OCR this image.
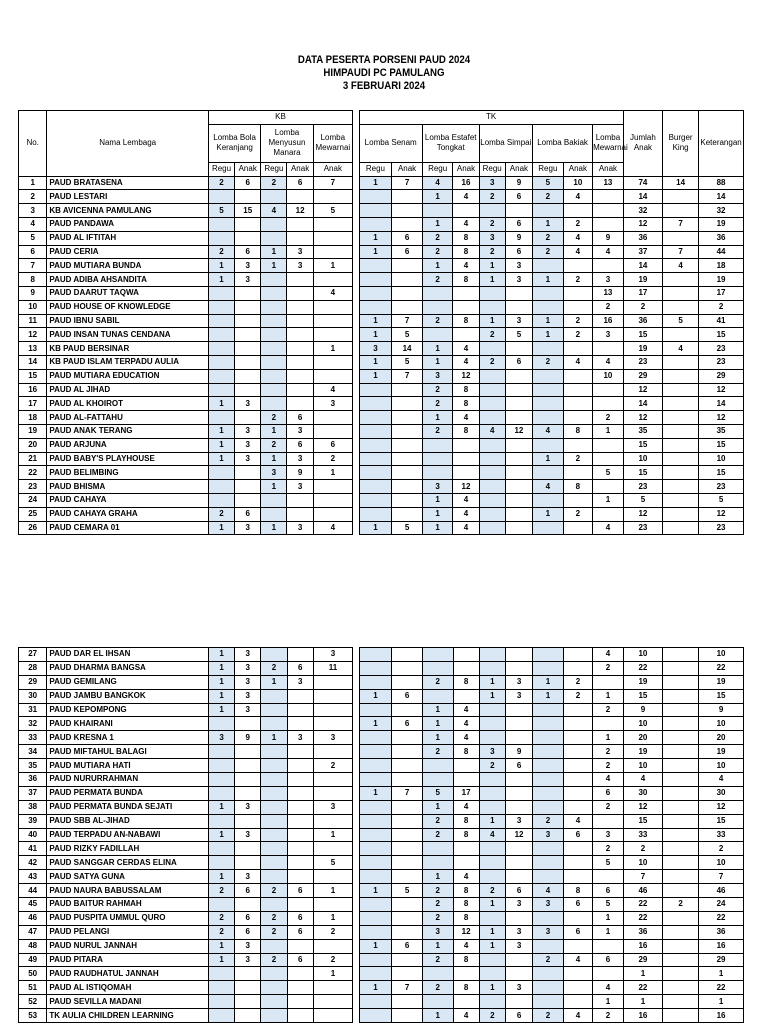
DATA PESERTA PORSENI PAUD 2024
HIMPAUDI PC PAMULANG
3 FEBRUARI 2024
No.	Nama Lembaga	KB						TK									Jumlah Anak	Burger King	Keterangan
		Lomba Bola Keranjang		Lomba Menyusun Manara		Lomba Mewarnai		Lomba Senam		Lomba Estafet Tongkat		Lomba Simpai		Lomba Bakiak		Lomba Mewarnai			
		Regu	Anak	Regu	Anak	Anak		Regu	Anak	Regu	Anak	Regu	Anak	Regu	Anak	Anak			
1	PAUD BRATASENA	2	6	2	6	7		1	7	4	16	3	9	5	10	13	74	14	88
2	PAUD LESTARI									1	4	2	6	2	4		14		14
3	KB AVICENNA PAMULANG	5	15	4	12	5											32		32
4	PAUD PANDAWA									1	4	2	6	1	2		12	7	19
5	PAUD AL IFTITAH							1	6	2	8	3	9	2	4	9	36		36
6	PAUD CERIA	2	6	1	3			1	6	2	8	2	6	2	4	4	37	7	44
7	PAUD MUTIARA BUNDA	1	3	1	3	1				1	4	1	3				14	4	18
8	PAUD ADIBA AHSANDITA	1	3							2	8	1	3	1	2	3	19		19
9	PAUD DAARUT TAQWA					4										13	17		17
10	PAUD HOUSE OF KNOWLEDGE															2	2		2
11	PAUD IBNU SABIL							1	7	2	8	1	3	1	2	16	36	5	41
12	PAUD INSAN TUNAS CENDANA							1	5			2	5	1	2	3	15		15
13	KB PAUD BERSINAR					1		3	14	1	4						19	4	23
14	KB PAUD ISLAM TERPADU AULIA							1	5	1	4	2	6	2	4	4	23		23
15	PAUD MUTIARA EDUCATION							1	7	3	12					10	29		29
16	PAUD AL JIHAD					4				2	8						12		12
17	PAUD AL KHOIROT	1	3			3				2	8						14		14
18	PAUD AL-FATTAHU			2	6					1	4					2	12		12
19	PAUD ANAK TERANG	1	3	1	3					2	8	4	12	4	8	1	35		35
20	PAUD ARJUNA	1	3	2	6	6											15		15
21	PAUD BABY'S PLAYHOUSE	1	3	1	3	2								1	2		10		10
22	PAUD BELIMBING			3	9	1										5	15		15
23	PAUD BHISMA			1	3					3	12			4	8		23		23
24	PAUD CAHAYA									1	4					1	5		5
25	PAUD CAHAYA GRAHA	2	6							1	4			1	2		12		12
26	PAUD CEMARA 01	1	3	1	3	4		1	5	1	4					4	23		23
27	PAUD DAR EL IHSAN	1	3			3										4	10		10
28	PAUD DHARMA BANGSA	1	3	2	6	11										2	22		22
29	PAUD GEMILANG	1	3	1	3					2	8	1	3	1	2		19		19
30	PAUD JAMBU BANGKOK	1	3					1	6			1	3	1	2	1	15		15
31	PAUD KEPOMPONG	1	3							1	4					2	9		9
32	PAUD KHAIRANI							1	6	1	4						10		10
33	PAUD KRESNA 1	3	9	1	3	3				1	4					1	20		20
34	PAUD MIFTAHUL BALAGI									2	8	3	9			2	19		19
35	PAUD MUTIARA HATI					2						2	6			2	10		10
36	PAUD NURURRAHMAN															4	4		4
37	PAUD PERMATA BUNDA							1	7	5	17					6	30		30
38	PAUD PERMATA BUNDA SEJATI	1	3			3				1	4					2	12		12
39	PAUD SBB AL-JIHAD									2	8	1	3	2	4		15		15
40	PAUD TERPADU AN-NABAWI	1	3			1				2	8	4	12	3	6	3	33		33
41	PAUD RIZKY FADILLAH															2	2		2
42	PAUD SANGGAR CERDAS ELINA					5										5	10		10
43	PAUD SATYA GUNA	1	3							1	4						7		7
44	PAUD NAURA BABUSSALAM	2	6	2	6	1		1	5	2	8	2	6	4	8	6	46		46
45	PAUD BAITUR RAHMAH									2	8	1	3	3	6	5	22	2	24
46	PAUD PUSPITA UMMUL QURO	2	6	2	6	1				2	8					1	22		22
47	PAUD PELANGI	2	6	2	6	2				3	12	1	3	3	6	1	36		36
48	PAUD NURUL JANNAH	1	3					1	6	1	4	1	3				16		16
49	PAUD PITARA	1	3	2	6	2				2	8			2	4	6	29		29
50	PAUD RAUDHATUL JANNAH					1											1		1
51	PAUD AL ISTIQOMAH							1	7	2	8	1	3			4	22		22
52	PAUD SEVILLA MADANI															1	1		1
53	TK AULIA CHILDREN LEARNING									1	4	2	6	2	4	2	16		16
